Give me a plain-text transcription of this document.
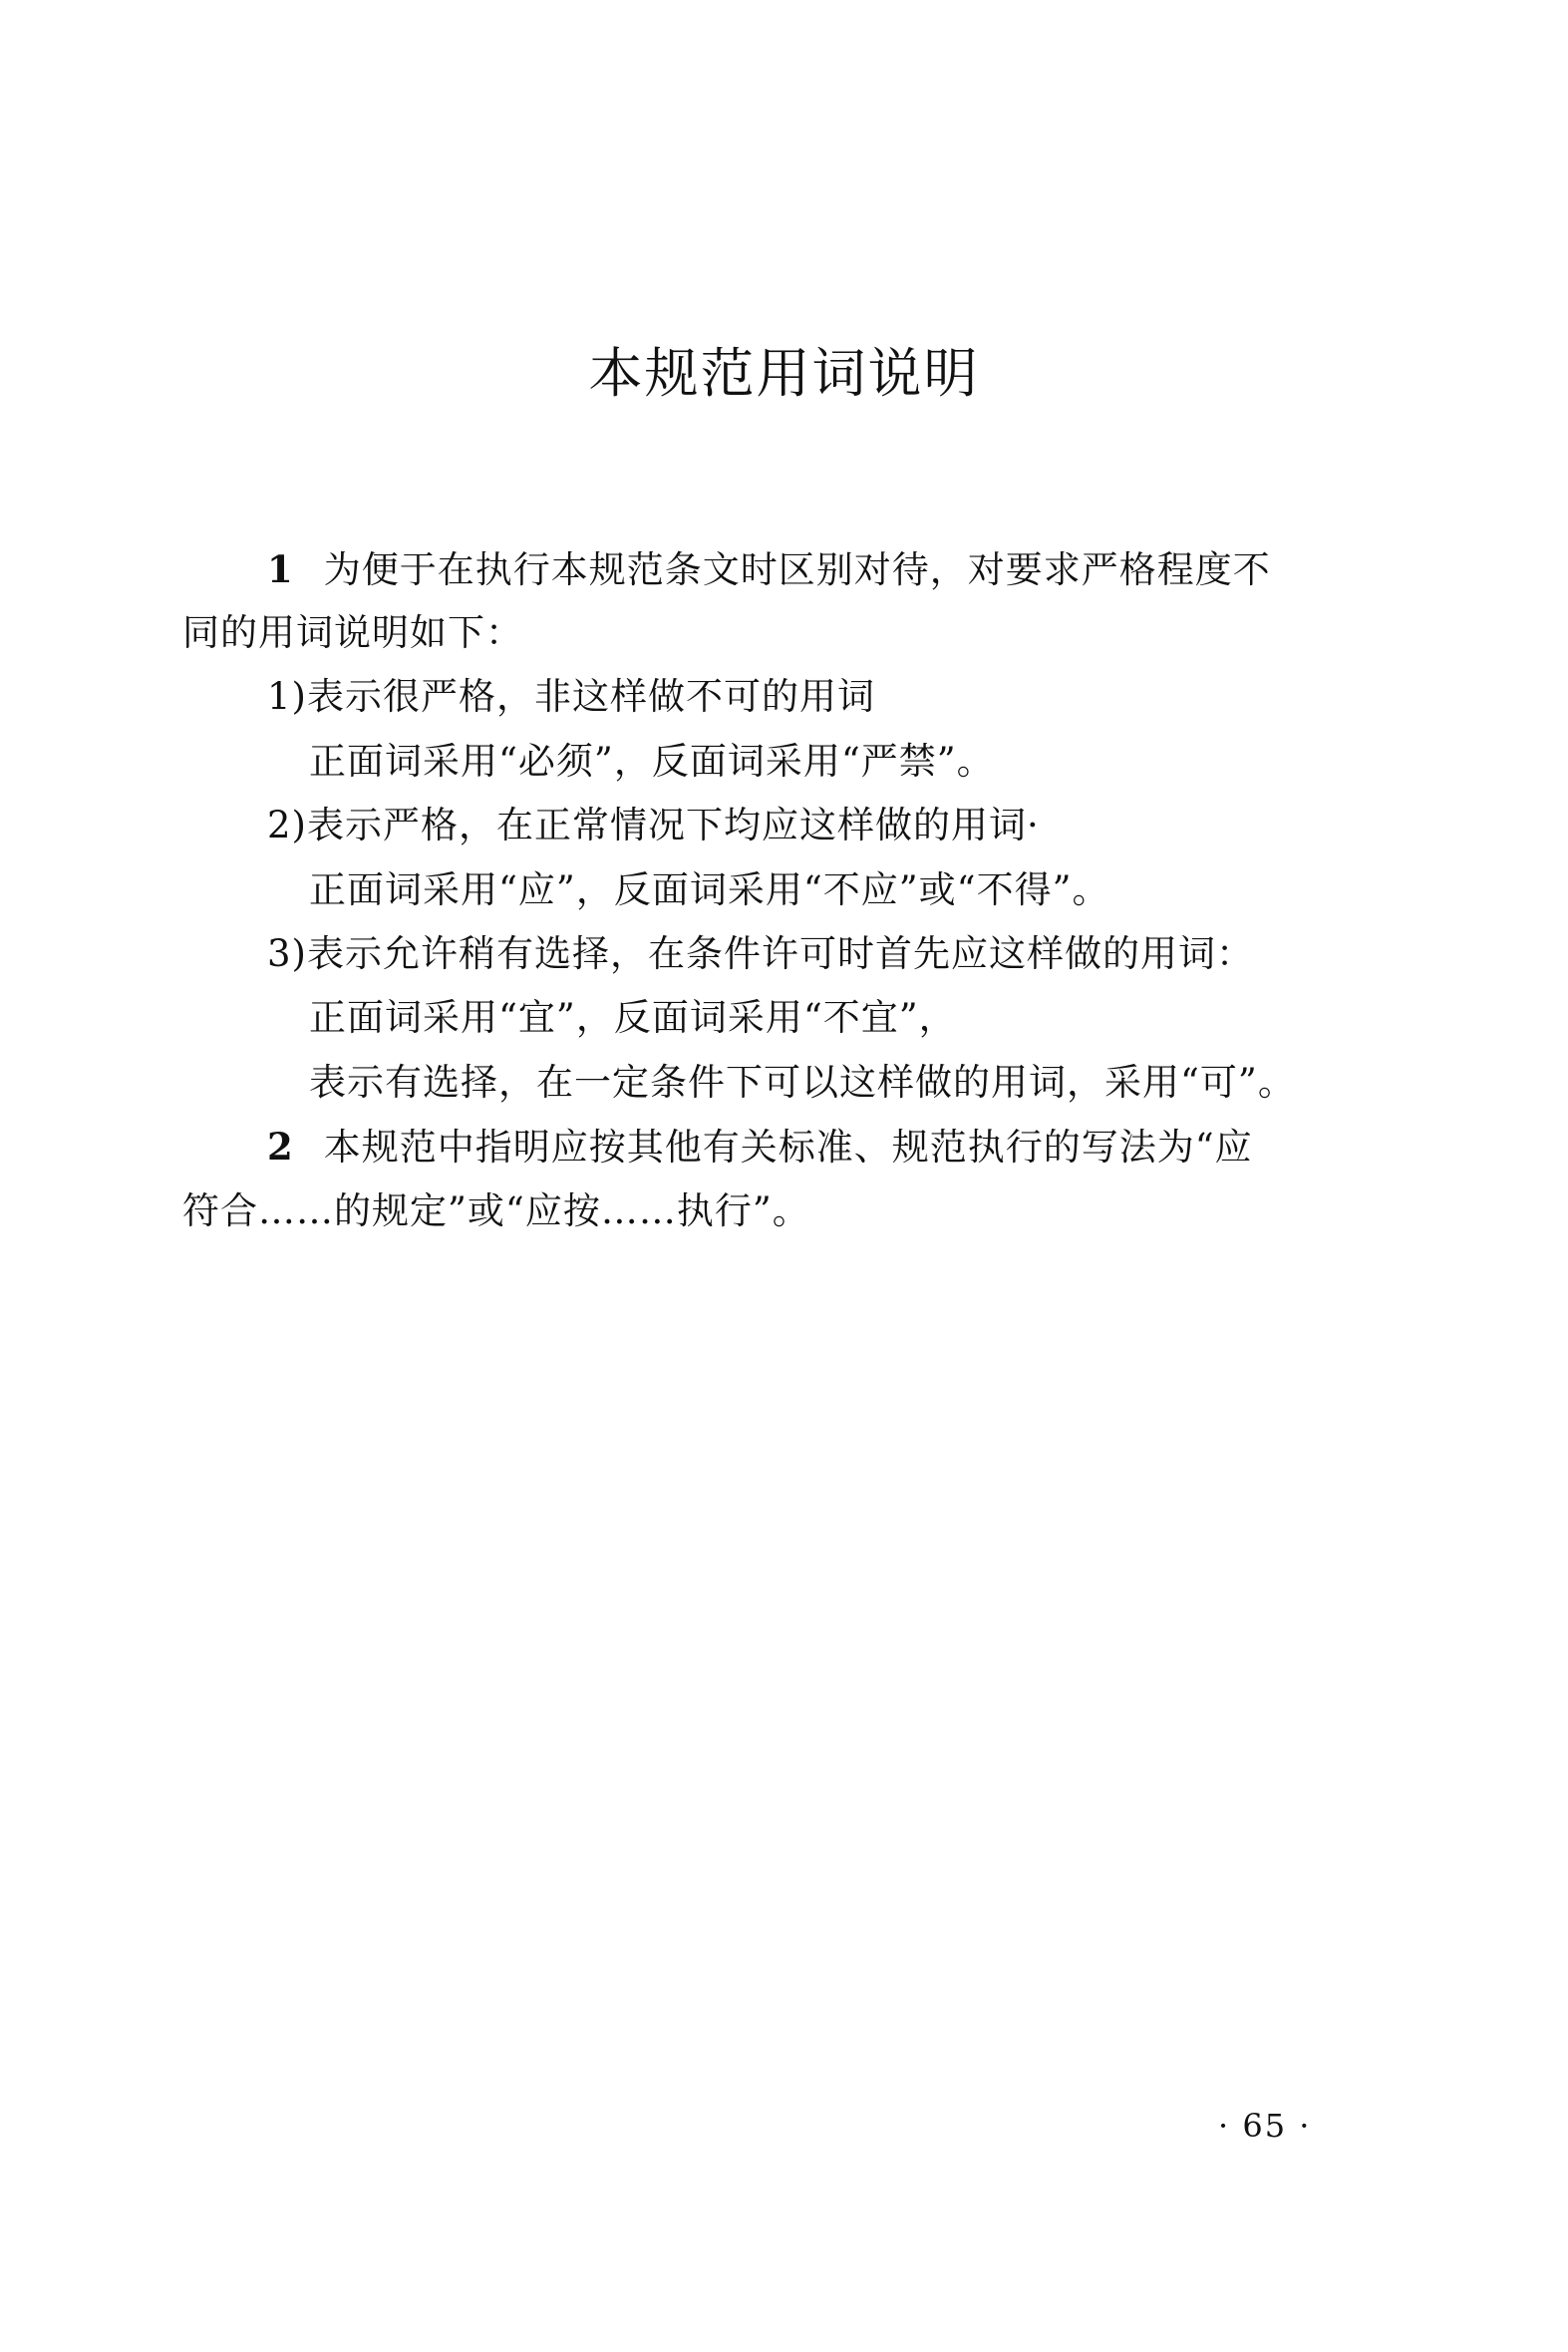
本规范用词说明
1 为便于在执行本规范条文时区别对待，对要求严格程度不
同的用词说明如下：
1)表示很严格，非这样做不可的用词
正面词采用“必须”，反面词采用“严禁”。
2)表示严格，在正常情况下均应这样做的用词·
正面词采用“应”，反面词采用“不应”或“不得”。
3)表示允许稍有选择，在条件许可时首先应这样做的用词：
正面词采用“宜”，反面词采用“不宜”，
表示有选择，在一定条件下可以这样做的用词，采用“可”。
2 本规范中指明应按其他有关标准、规范执行的写法为“应
符合……的规定”或“应按……执行”。
· 65 ·
